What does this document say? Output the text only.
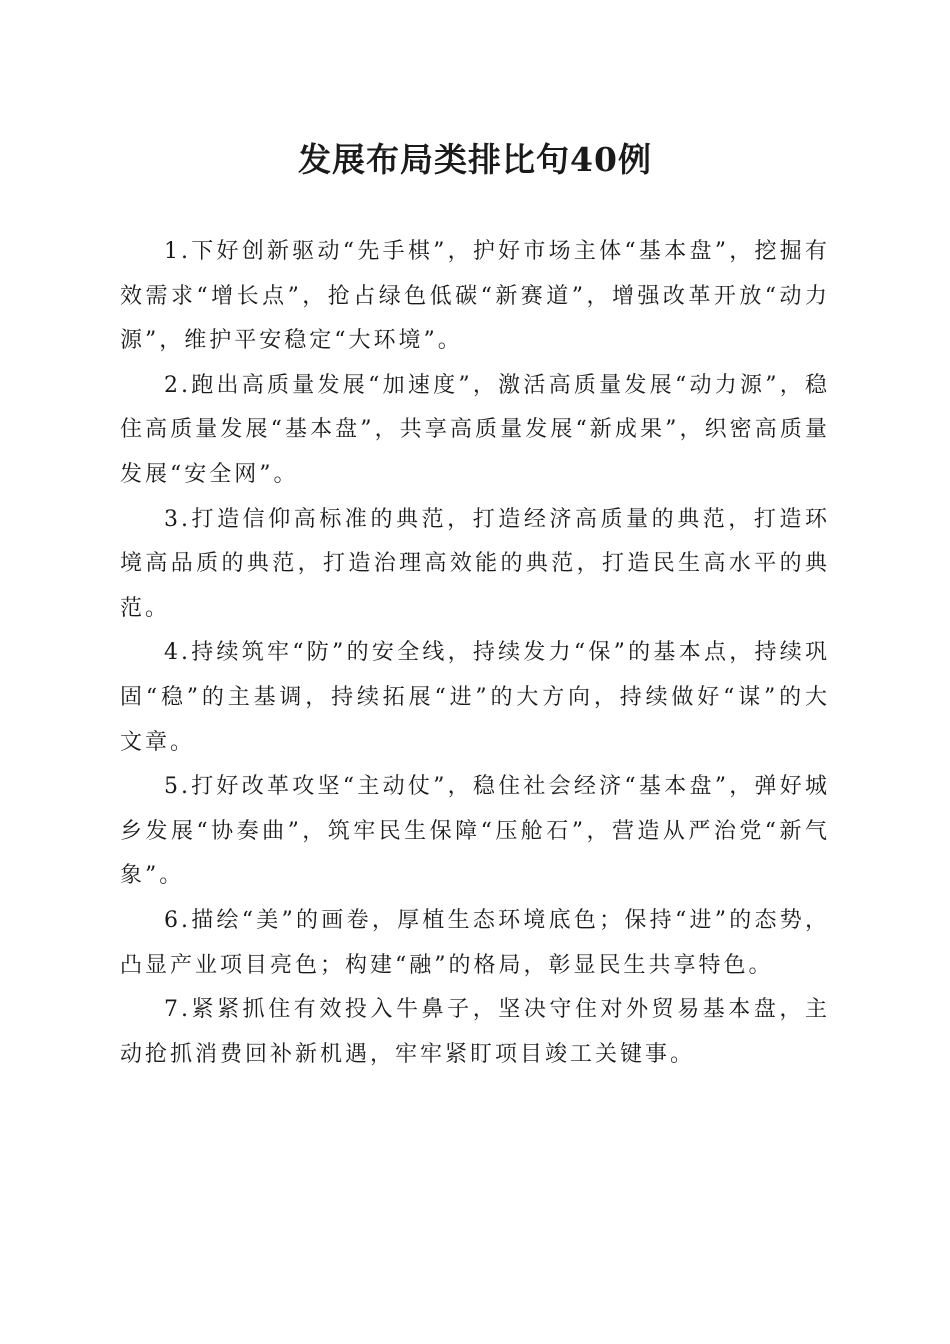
发展布局类排比句40例

1.下好创新驱动“先手棋”，护好市场主体“基本盘”，挖掘有效需求“增长点”，抢占绿色低碳“新赛道”，增强改革开放“动力源”，维护平安稳定“大环境”。

2.跑出高质量发展“加速度”，激活高质量发展“动力源”，稳住高质量发展“基本盘”，共享高质量发展“新成果”，织密高质量发展“安全网”。

3.打造信仰高标准的典范，打造经济高质量的典范，打造环境高品质的典范，打造治理高效能的典范，打造民生高水平的典范。

4.持续筑牢“防”的安全线，持续发力“保”的基本点，持续巩固“稳”的主基调，持续拓展“进”的大方向，持续做好“谋”的大文章。

5.打好改革攻坚“主动仗”，稳住社会经济“基本盘”，弹好城乡发展“协奏曲”，筑牢民生保障“压舱石”，营造从严治党“新气象”。

6.描绘“美”的画卷，厚植生态环境底色；保持“进”的态势，凸显产业项目亮色；构建“融”的格局，彰显民生共享特色。

7.紧紧抓住有效投入牛鼻子，坚决守住对外贸易基本盘，主动抢抓消费回补新机遇，牢牢紧盯项目竣工关键事。
